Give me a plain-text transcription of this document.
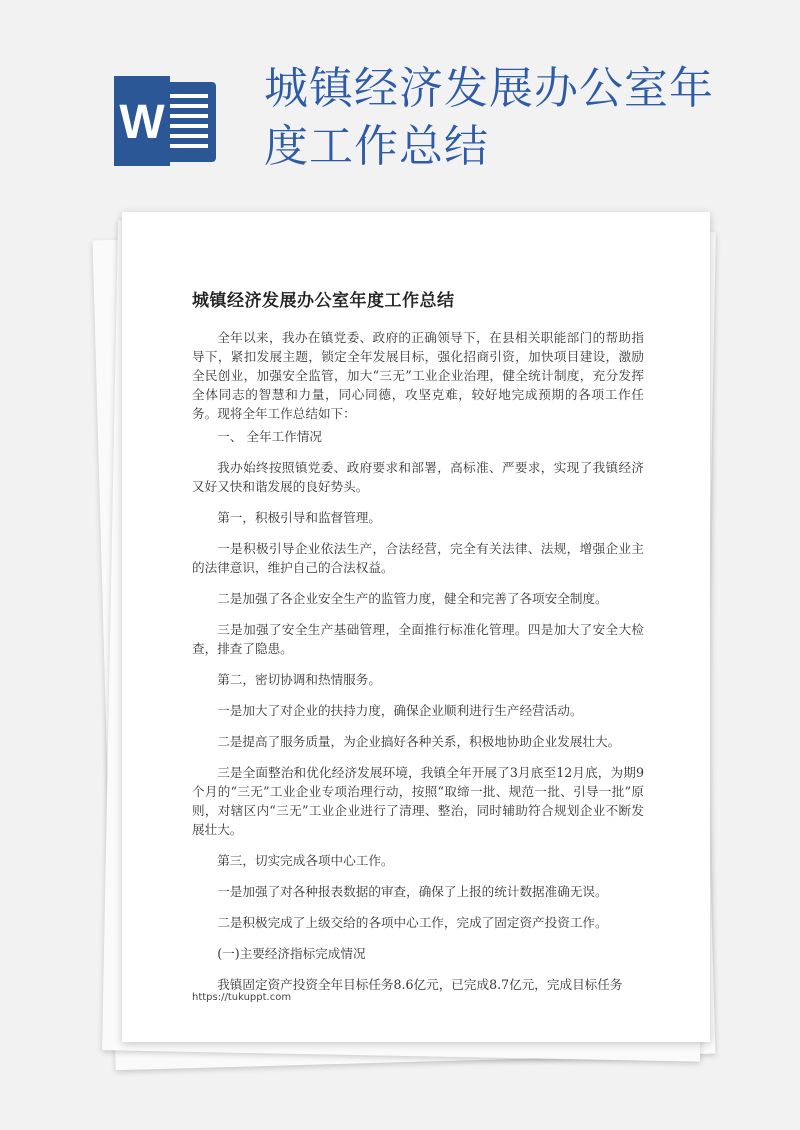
W
城镇经济发展办公室年度工作总结
城镇经济发展办公室年度工作总结

全年以来，我办在镇党委、政府的正确领导下，在县相关职能部门的帮助指导下，紧扣发展主题，锁定全年发展目标，强化招商引资，加快项目建设，激励全民创业，加强安全监管，加大“三无”工业企业治理，健全统计制度，充分发挥全体同志的智慧和力量，同心同德，攻坚克难，较好地完成预期的各项工作任务。现将全年工作总结如下：

一、 全年工作情况

我办始终按照镇党委、政府要求和部署，高标准、严要求，实现了我镇经济又好又快和谐发展的良好势头。

第一，积极引导和监督管理。

一是积极引导企业依法生产，合法经营，完全有关法律、法规，增强企业主的法律意识，维护自己的合法权益。

二是加强了各企业安全生产的监管力度，健全和完善了各项安全制度。

三是加强了安全生产基础管理，全面推行标准化管理。四是加大了安全大检查，排查了隐患。

第二，密切协调和热情服务。

一是加大了对企业的扶持力度，确保企业顺利进行生产经营活动。

二是提高了服务质量，为企业搞好各种关系，积极地协助企业发展壮大。

三是全面整治和优化经济发展环境，我镇全年开展了3月底至12月底，为期9个月的“三无”工业企业专项治理行动，按照“取缔一批、规范一批、引导一批”原则，对辖区内“三无”工业企业进行了清理、整治，同时辅助符合规划企业不断发展壮大。

第三，切实完成各项中心工作。

一是加强了对各种报表数据的审查，确保了上报的统计数据准确无误。

二是积极完成了上级交给的各项中心工作，完成了固定资产投资工作。

(一)主要经济指标完成情况

我镇固定资产投资全年目标任务8.6亿元，已完成8.7亿元，完成目标任务

https://tukuppt.com
